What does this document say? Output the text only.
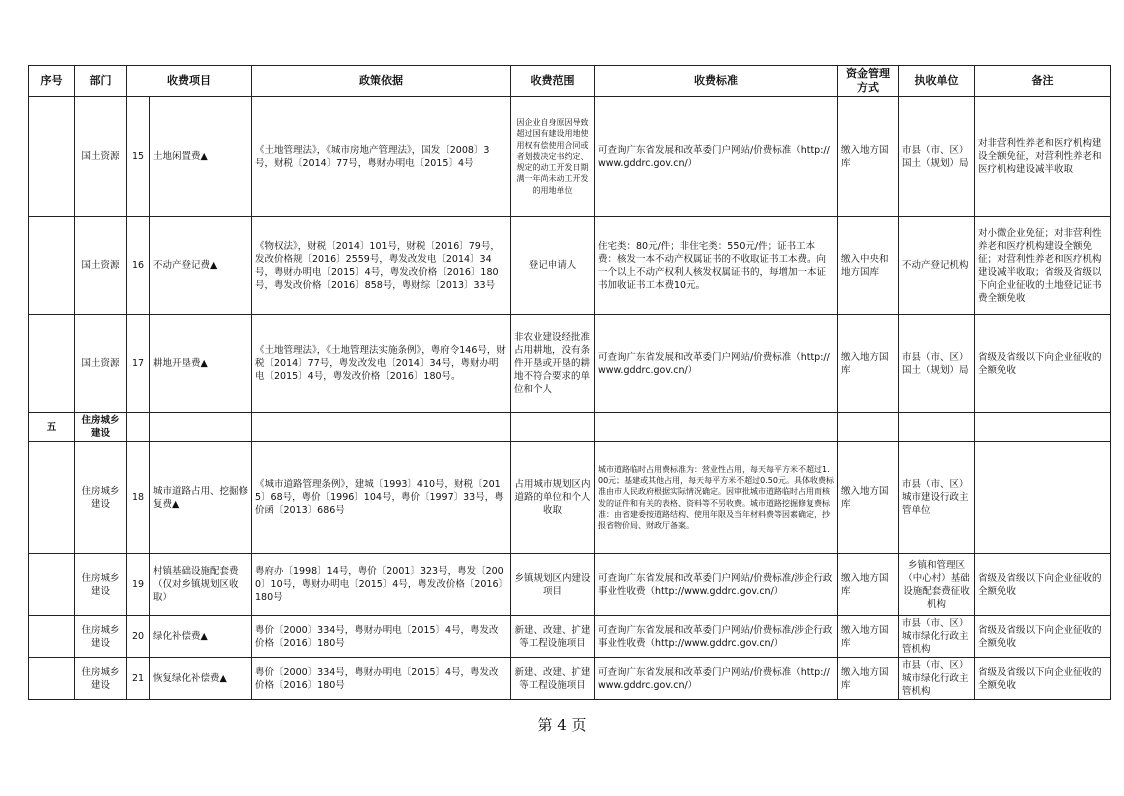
序号	部门	收费项目		政策依据	收费范围	收费标准	资金管理方式	执收单位	备注
	国土资源	15	土地闲置费▲	《土地管理法》，《城市房地产管理法》，国发〔2008〕3号，财税〔2014〕77号，粤财办明电〔2015〕4号	因企业自身原因导致超过国有建设用地使用权有偿使用合同或者划拨决定书约定、规定的动工开发日期满一年尚未动工开发的用地单位	可查询广东省发展和改革委门户网站/价费标准（http://www.gddrc.gov.cn/）	缴入地方国库	市县（市、区）国土（规划）局	对非营利性养老和医疗机构建设全额免征，对营利性养老和医疗机构建设减半收取
	国土资源	16	不动产登记费▲	《物权法》，财税〔2014〕101号，财税〔2016〕79号，发改价格规〔2016〕2559号，粤发改发电〔2014〕34号，粤财办明电〔2015〕4号，粤发改价格〔2016〕180号，粤发改价格〔2016〕858号，粤财综〔2013〕33号	登记申请人	住宅类：80元/件；非住宅类：550元/件；证书工本费：核发一本不动产权属证书的不收取证书工本费。向一个以上不动产权利人核发权属证书的，每增加一本证书加收证书工本费10元。	缴入中央和地方国库	不动产登记机构	对小微企业免征；对非营利性养老和医疗机构建设全额免征；对营利性养老和医疗机构建设减半收取；省级及省级以下向企业征收的土地登记证书费全额免收
	国土资源	17	耕地开垦费▲	《土地管理法》，《土地管理法实施条例》，粤府令146号，财税〔2014〕77号，粤发改发电〔2014〕34号，粤财办明电〔2015〕4号，粤发改价格〔2016〕180号。	非农业建设经批准占用耕地，没有条件开垦或开垦的耕地不符合要求的单位和个人	可查询广东省发展和改革委门户网站/价费标准（http://www.gddrc.gov.cn/）	缴入地方国库	市县（市、区）国土（规划）局	省级及省级以下向企业征收的全额免收
五	住房城乡建设								
	住房城乡建设	18	城市道路占用、挖掘修复费▲	《城市道路管理条例》，建城〔1993〕410号，财税〔2015〕68号，粤价〔1996〕104号，粤价〔1997〕33号，粤价函〔2013〕686号	占用城市规划区内道路的单位和个人收取	城市道路临时占用费标准为：营业性占用，每天每平方米不超过1.00元；基建或其他占用，每天每平方米不超过0.50元。具体收费标准由市人民政府根据实际情况确定。因审批城市道路临时占用而核发的证件和有关的表格、资料等不另收费。城市道路挖掘修复费标准：由省建委按道路结构、使用年限及当年材料费等因素确定，抄报省物价局、财政厅备案。	缴入地方国库	市县（市、区）城市建设行政主管单位	
	住房城乡建设	19	村镇基础设施配套费（仅对乡镇规划区收取）	粤府办〔1998〕14号，粤价〔2001〕323号，粤发〔2000〕10号，粤财办明电〔2015〕4号，粤发改价格〔2016〕180号	乡镇规划区内建设项目	可查询广东省发展和改革委门户网站/价费标准/涉企行政事业性收费（http://www.gddrc.gov.cn/）	缴入地方国库	乡镇和管理区（中心村）基础设施配套费征收机构	省级及省级以下向企业征收的全额免收
	住房城乡建设	20	绿化补偿费▲	粤价〔2000〕334号，粤财办明电〔2015〕4号，粤发改价格〔2016〕180号	新建、改建、扩建等工程设施项目	可查询广东省发展和改革委门户网站/价费标准/涉企行政事业性收费（http://www.gddrc.gov.cn/）	缴入地方国库	市县（市、区）城市绿化行政主管机构	省级及省级以下向企业征收的全额免收
	住房城乡建设	21	恢复绿化补偿费▲	粤价〔2000〕334号，粤财办明电〔2015〕4号，粤发改价格〔2016〕180号	新建、改建、扩建等工程设施项目	可查询广东省发展和改革委门户网站/价费标准（http://www.gddrc.gov.cn/）	缴入地方国库	市县（市、区）城市绿化行政主管机构	省级及省级以下向企业征收的全额免收
第 4 页
